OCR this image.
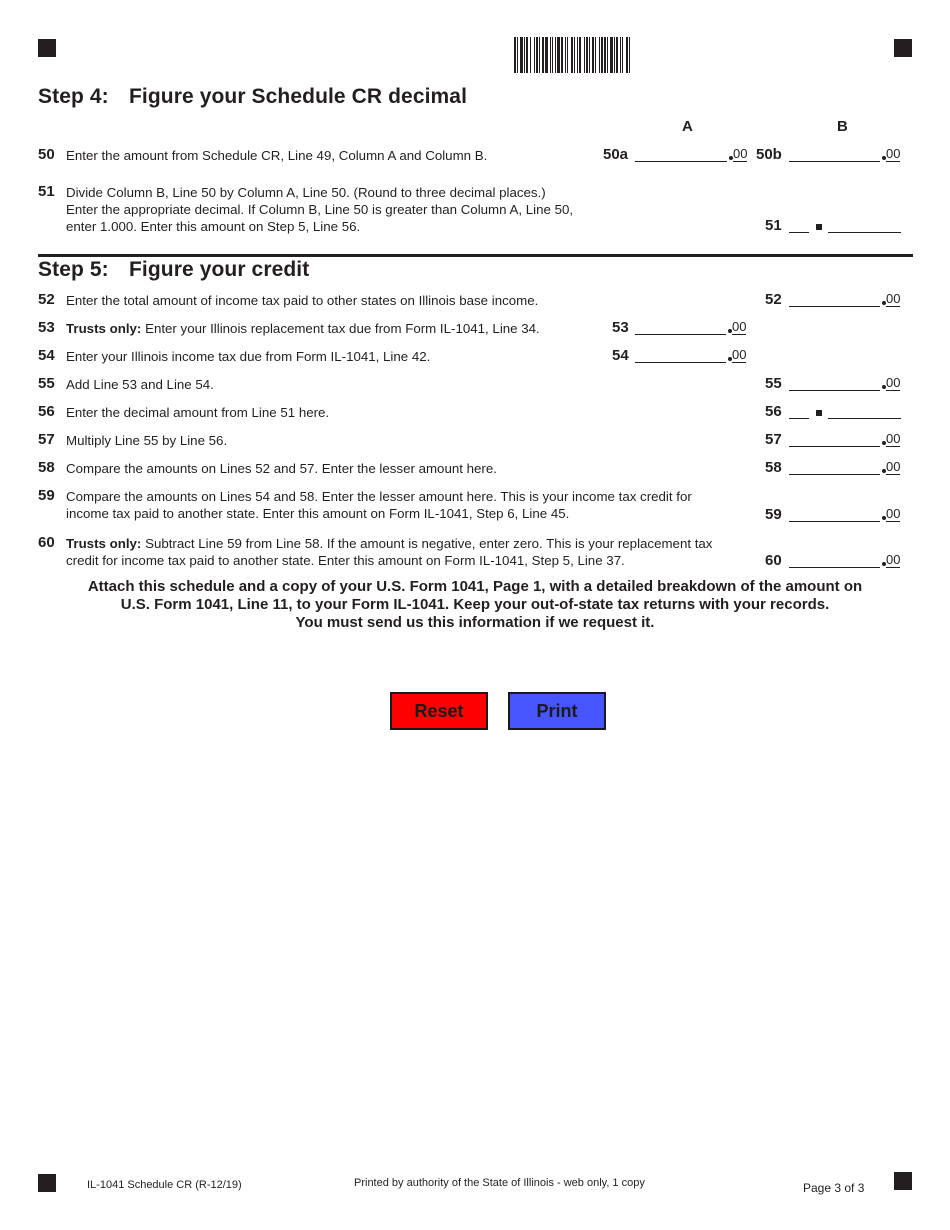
Step 4: Figure your Schedule CR decimal
A	B
50 Enter the amount from Schedule CR, Line 49, Column A and Column B.	50a	00 50b	00
51 Divide Column B, Line 50 by Column A, Line 50. (Round to three decimal places.)
Enter the appropriate decimal. If Column B, Line 50 is greater than Column A, Line 50,
enter 1.000. Enter this amount on Step 5, Line 56.	51
Step 5: Figure your credit
52 Enter the total amount of income tax paid to other states on Illinois base income.	52	00
53 Trusts only: Enter your Illinois replacement tax due from Form IL-1041, Line 34.	53	00
54 Enter your Illinois income tax due from Form IL-1041, Line 42.	54	00
55 Add Line 53 and Line 54.	55	00
56 Enter the decimal amount from Line 51 here.	56
57 Multiply Line 55 by Line 56.	57	00
58 Compare the amounts on Lines 52 and 57. Enter the lesser amount here.	58	00
59 Compare the amounts on Lines 54 and 58. Enter the lesser amount here. This is your income tax credit for
income tax paid to another state. Enter this amount on Form IL-1041, Step 6, Line 45.	59	00
60 Trusts only: Subtract Line 59 from Line 58. If the amount is negative, enter zero. This is your replacement tax
credit for income tax paid to another state. Enter this amount on Form IL-1041, Step 5, Line 37.	60	00
Attach this schedule and a copy of your U.S. Form 1041, Page 1, with a detailed breakdown of the amount on
U.S. Form 1041, Line 11, to your Form IL-1041. Keep your out-of-state tax returns with your records.
You must send us this information if we request it.
Reset	Print
IL-1041 Schedule CR (R-12/19)	Printed by authority of the State of Illinois - web only, 1 copy	Page 3 of 3
